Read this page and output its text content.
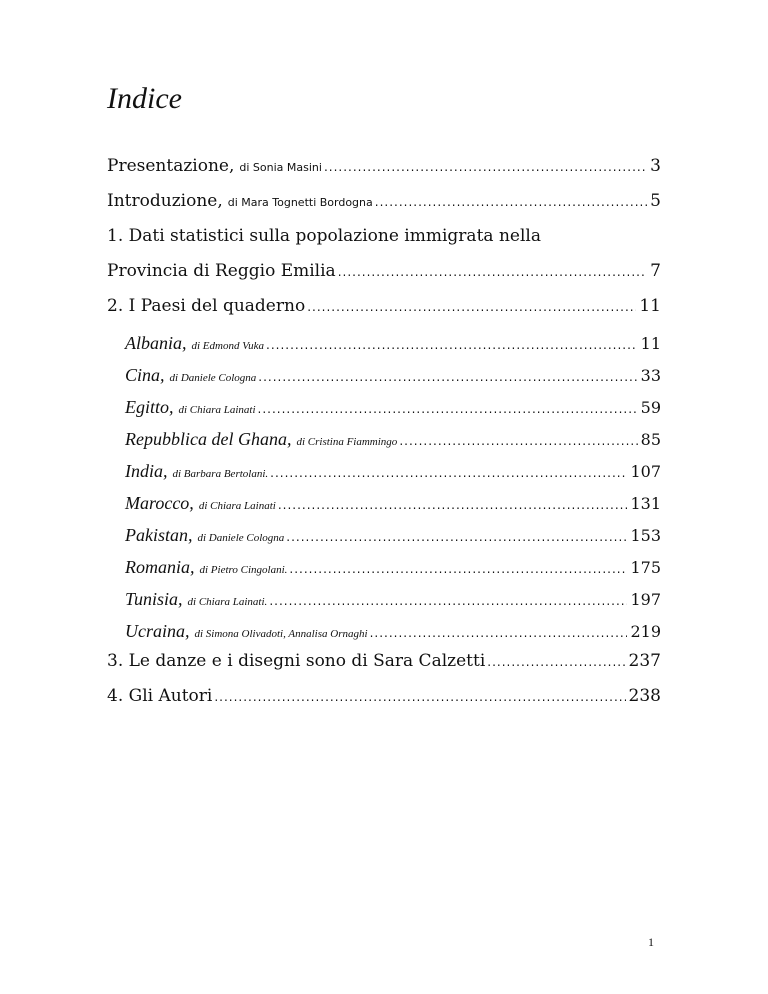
Indice
Presentazione, di Sonia Masini .....	3
Introduzione, di Mara Tognetti Bordogna .....	5
1. Dati statistici sulla popolazione immigrata nella
Provincia di Reggio Emilia .....	7
2. I Paesi del quaderno .....	11
Albania, di Edmond Vuka .....	11
Cina, di Daniele Cologna .....	33
Egitto, di Chiara Lainati .....	59
Repubblica del Ghana, di Cristina Fiammingo .....	85
India, di Barbara Bertolani. .....	107
Marocco, di Chiara Lainati .....	131
Pakistan, di Daniele Cologna .....	153
Romania, di Pietro Cingolani. .....	175
Tunisia, di Chiara Lainati. .....	197
Ucraina, di Simona Olivadoti, Annalisa Ornaghi .....	219
3. Le danze e i disegni sono di Sara Calzetti .....	237
4. Gli Autori .....	238
1
